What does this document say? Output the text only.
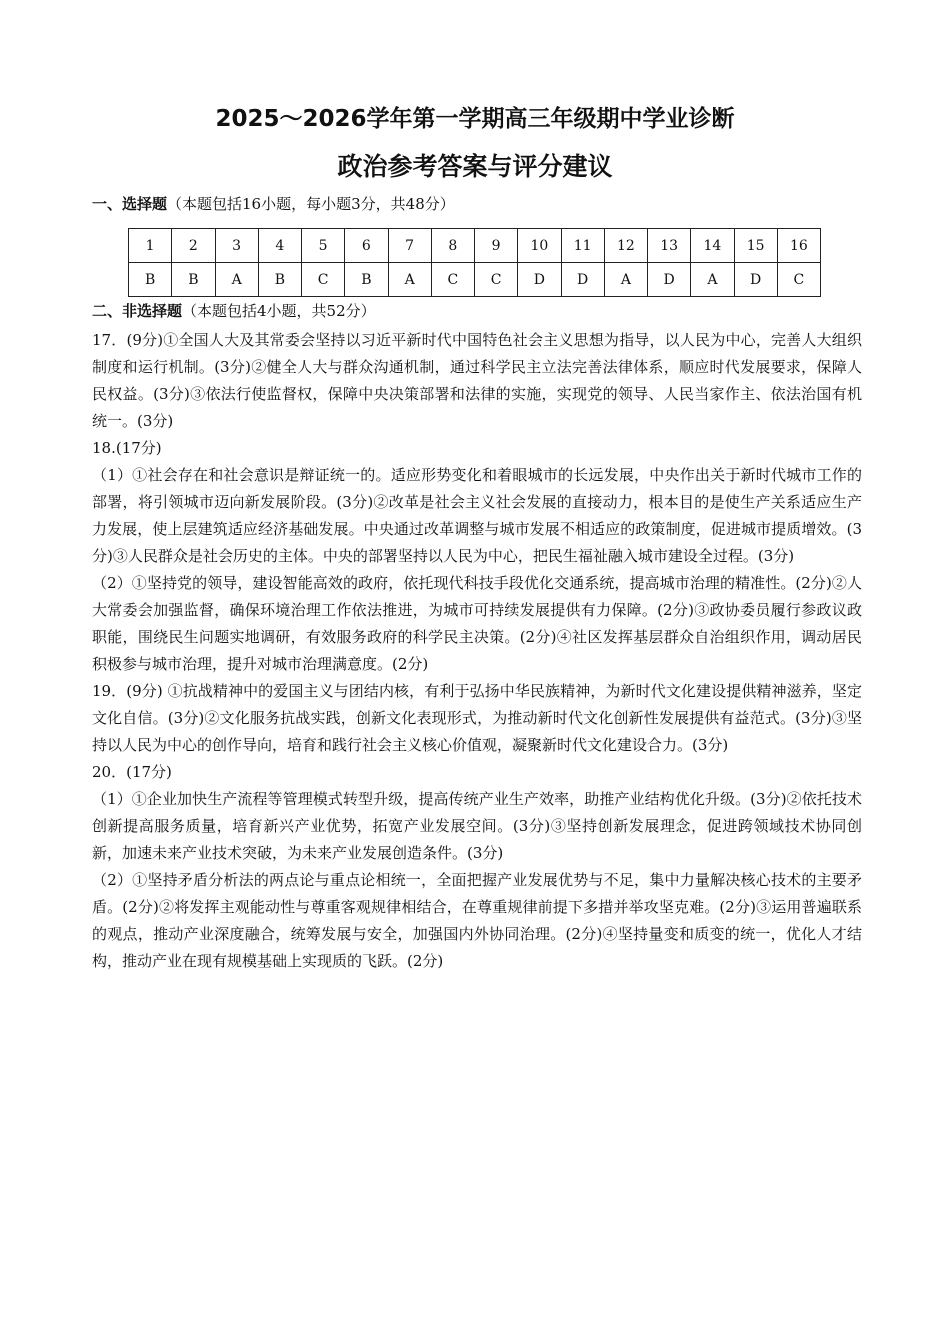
2025～2026学年第一学期高三年级期中学业诊断
政治参考答案与评分建议
一、选择题（本题包括16小题，每小题3分，共48分）
1	2	3	4	5	6	7	8	9	10	11	12	13	14	15	16
B	B	A	B	C	B	A	C	C	D	D	A	D	A	D	C
二、非选择题（本题包括4小题，共52分）

17．(9分)①全国人大及其常委会坚持以习近平新时代中国特色社会主义思想为指导，以人民为中心，完善人大组织制度和运行机制。(3分)②健全人大与群众沟通机制，通过科学民主立法完善法律体系，顺应时代发展要求，保障人民权益。(3分)③依法行使监督权，保障中央决策部署和法律的实施，实现党的领导、人民当家作主、依法治国有机统一。(3分)

18.(17分)

（1）①社会存在和社会意识是辩证统一的。适应形势变化和着眼城市的长远发展，中央作出关于新时代城市工作的部署，将引领城市迈向新发展阶段。(3分)②改革是社会主义社会发展的直接动力，根本目的是使生产关系适应生产力发展，使上层建筑适应经济基础发展。中央通过改革调整与城市发展不相适应的政策制度，促进城市提质增效。(3分)③人民群众是社会历史的主体。中央的部署坚持以人民为中心，把民生福祉融入城市建设全过程。(3分)

（2）①坚持党的领导，建设智能高效的政府，依托现代科技手段优化交通系统，提高城市治理的精准性。(2分)②人大常委会加强监督，确保环境治理工作依法推进，为城市可持续发展提供有力保障。(2分)③政协委员履行参政议政职能，围绕民生问题实地调研，有效服务政府的科学民主决策。(2分)④社区发挥基层群众自治组织作用，调动居民积极参与城市治理，提升对城市治理满意度。(2分)

19．(9分) ①抗战精神中的爱国主义与团结内核，有利于弘扬中华民族精神，为新时代文化建设提供精神滋养，坚定文化自信。(3分)②文化服务抗战实践，创新文化表现形式，为推动新时代文化创新性发展提供有益范式。(3分)③坚持以人民为中心的创作导向，培育和践行社会主义核心价值观，凝聚新时代文化建设合力。(3分)

20．(17分)

（1）①企业加快生产流程等管理模式转型升级，提高传统产业生产效率，助推产业结构优化升级。(3分)②依托技术创新提高服务质量，培育新兴产业优势，拓宽产业发展空间。(3分)③坚持创新发展理念，促进跨领域技术协同创新，加速未来产业技术突破，为未来产业发展创造条件。(3分)

（2）①坚持矛盾分析法的两点论与重点论相统一，全面把握产业发展优势与不足，集中力量解决核心技术的主要矛盾。(2分)②将发挥主观能动性与尊重客观规律相结合，在尊重规律前提下多措并举攻坚克难。(2分)③运用普遍联系的观点，推动产业深度融合，统筹发展与安全，加强国内外协同治理。(2分)④坚持量变和质变的统一，优化人才结构，推动产业在现有规模基础上实现质的飞跃。(2分)
